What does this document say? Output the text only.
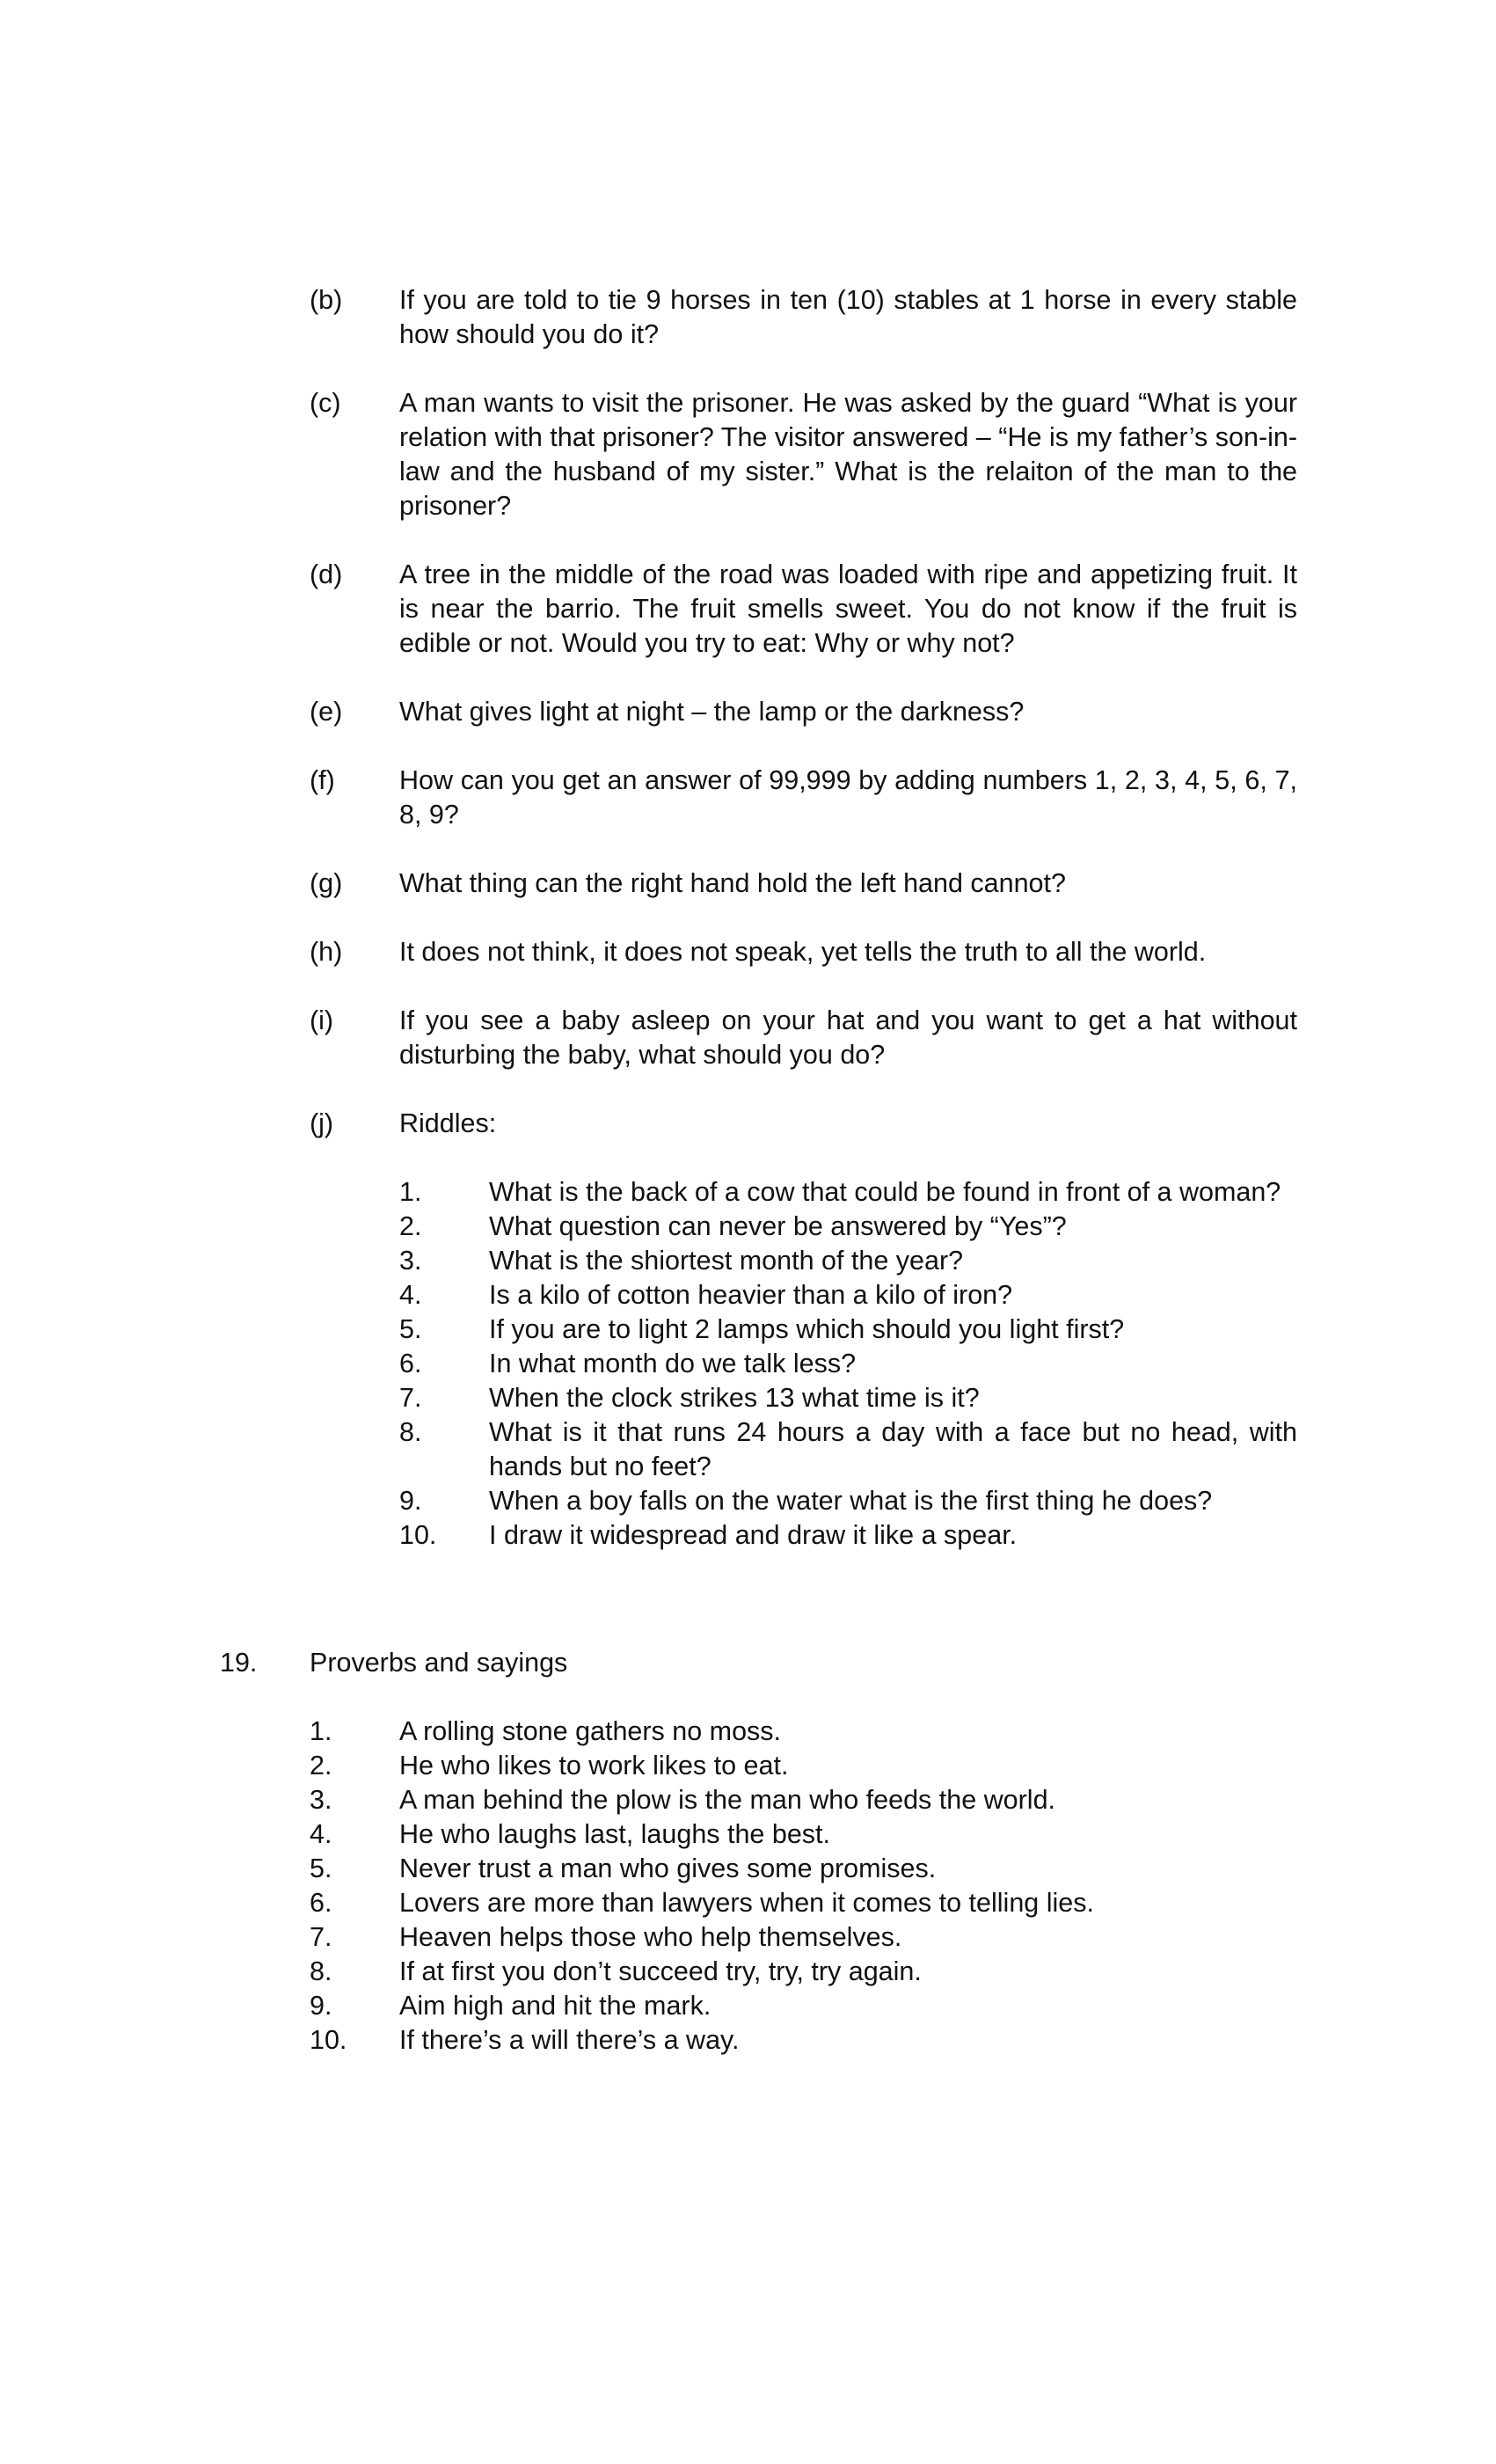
(b)	If you are told to tie 9 horses in ten (10) stables at 1 horse in every stable how should you do it?
(c)	A man wants to visit the prisoner. He was asked by the guard “What is your relation with that prisoner? The visitor answered – “He is my father’s son-in-law and the husband of my sister.” What is the relaiton of the man to the prisoner?
(d)	A tree in the middle of the road was loaded with ripe and appetizing fruit. It is near the barrio. The fruit smells sweet. You do not know if the fruit is edible or not. Would you try to eat: Why or why not?
(e)	What gives light at night – the lamp or the darkness?
(f)	How can you get an answer of 99,999 by adding numbers 1, 2, 3, 4, 5, 6, 7, 8, 9?
(g)	What thing can the right hand hold the left hand cannot?
(h)	It does not think, it does not speak, yet tells the truth to all the world.
(i)	If you see a baby asleep on your hat and you want to get a hat without disturbing the baby, what should you do?
(j)	Riddles:
1.	What is the back of a cow that could be found in front of a woman?
2.	What question can never be answered by “Yes”?
3.	What is the shiortest month of the year?
4.	Is a kilo of cotton heavier than a kilo of iron?
5.	If you are to light 2 lamps which should you light first?
6.	In what month do we talk less?
7.	When the clock strikes 13 what time is it?
8.	What is it that runs 24 hours a day with a face but no head, with hands but no feet?
9.	When a boy falls on the water what is the first thing he does?
10.	I draw it widespread and draw it like a spear.
19.	Proverbs and sayings
1.	A rolling stone gathers no moss.
2.	He who likes to work likes to eat.
3.	A man behind the plow is the man who feeds the world.
4.	He who laughs last, laughs the best.
5.	Never trust a man who gives some promises.
6.	Lovers are more than lawyers when it comes to telling lies.
7.	Heaven helps those who help themselves.
8.	If at first you don’t succeed try, try, try again.
9.	Aim high and hit the mark.
10.	If there’s a will there’s a way.
